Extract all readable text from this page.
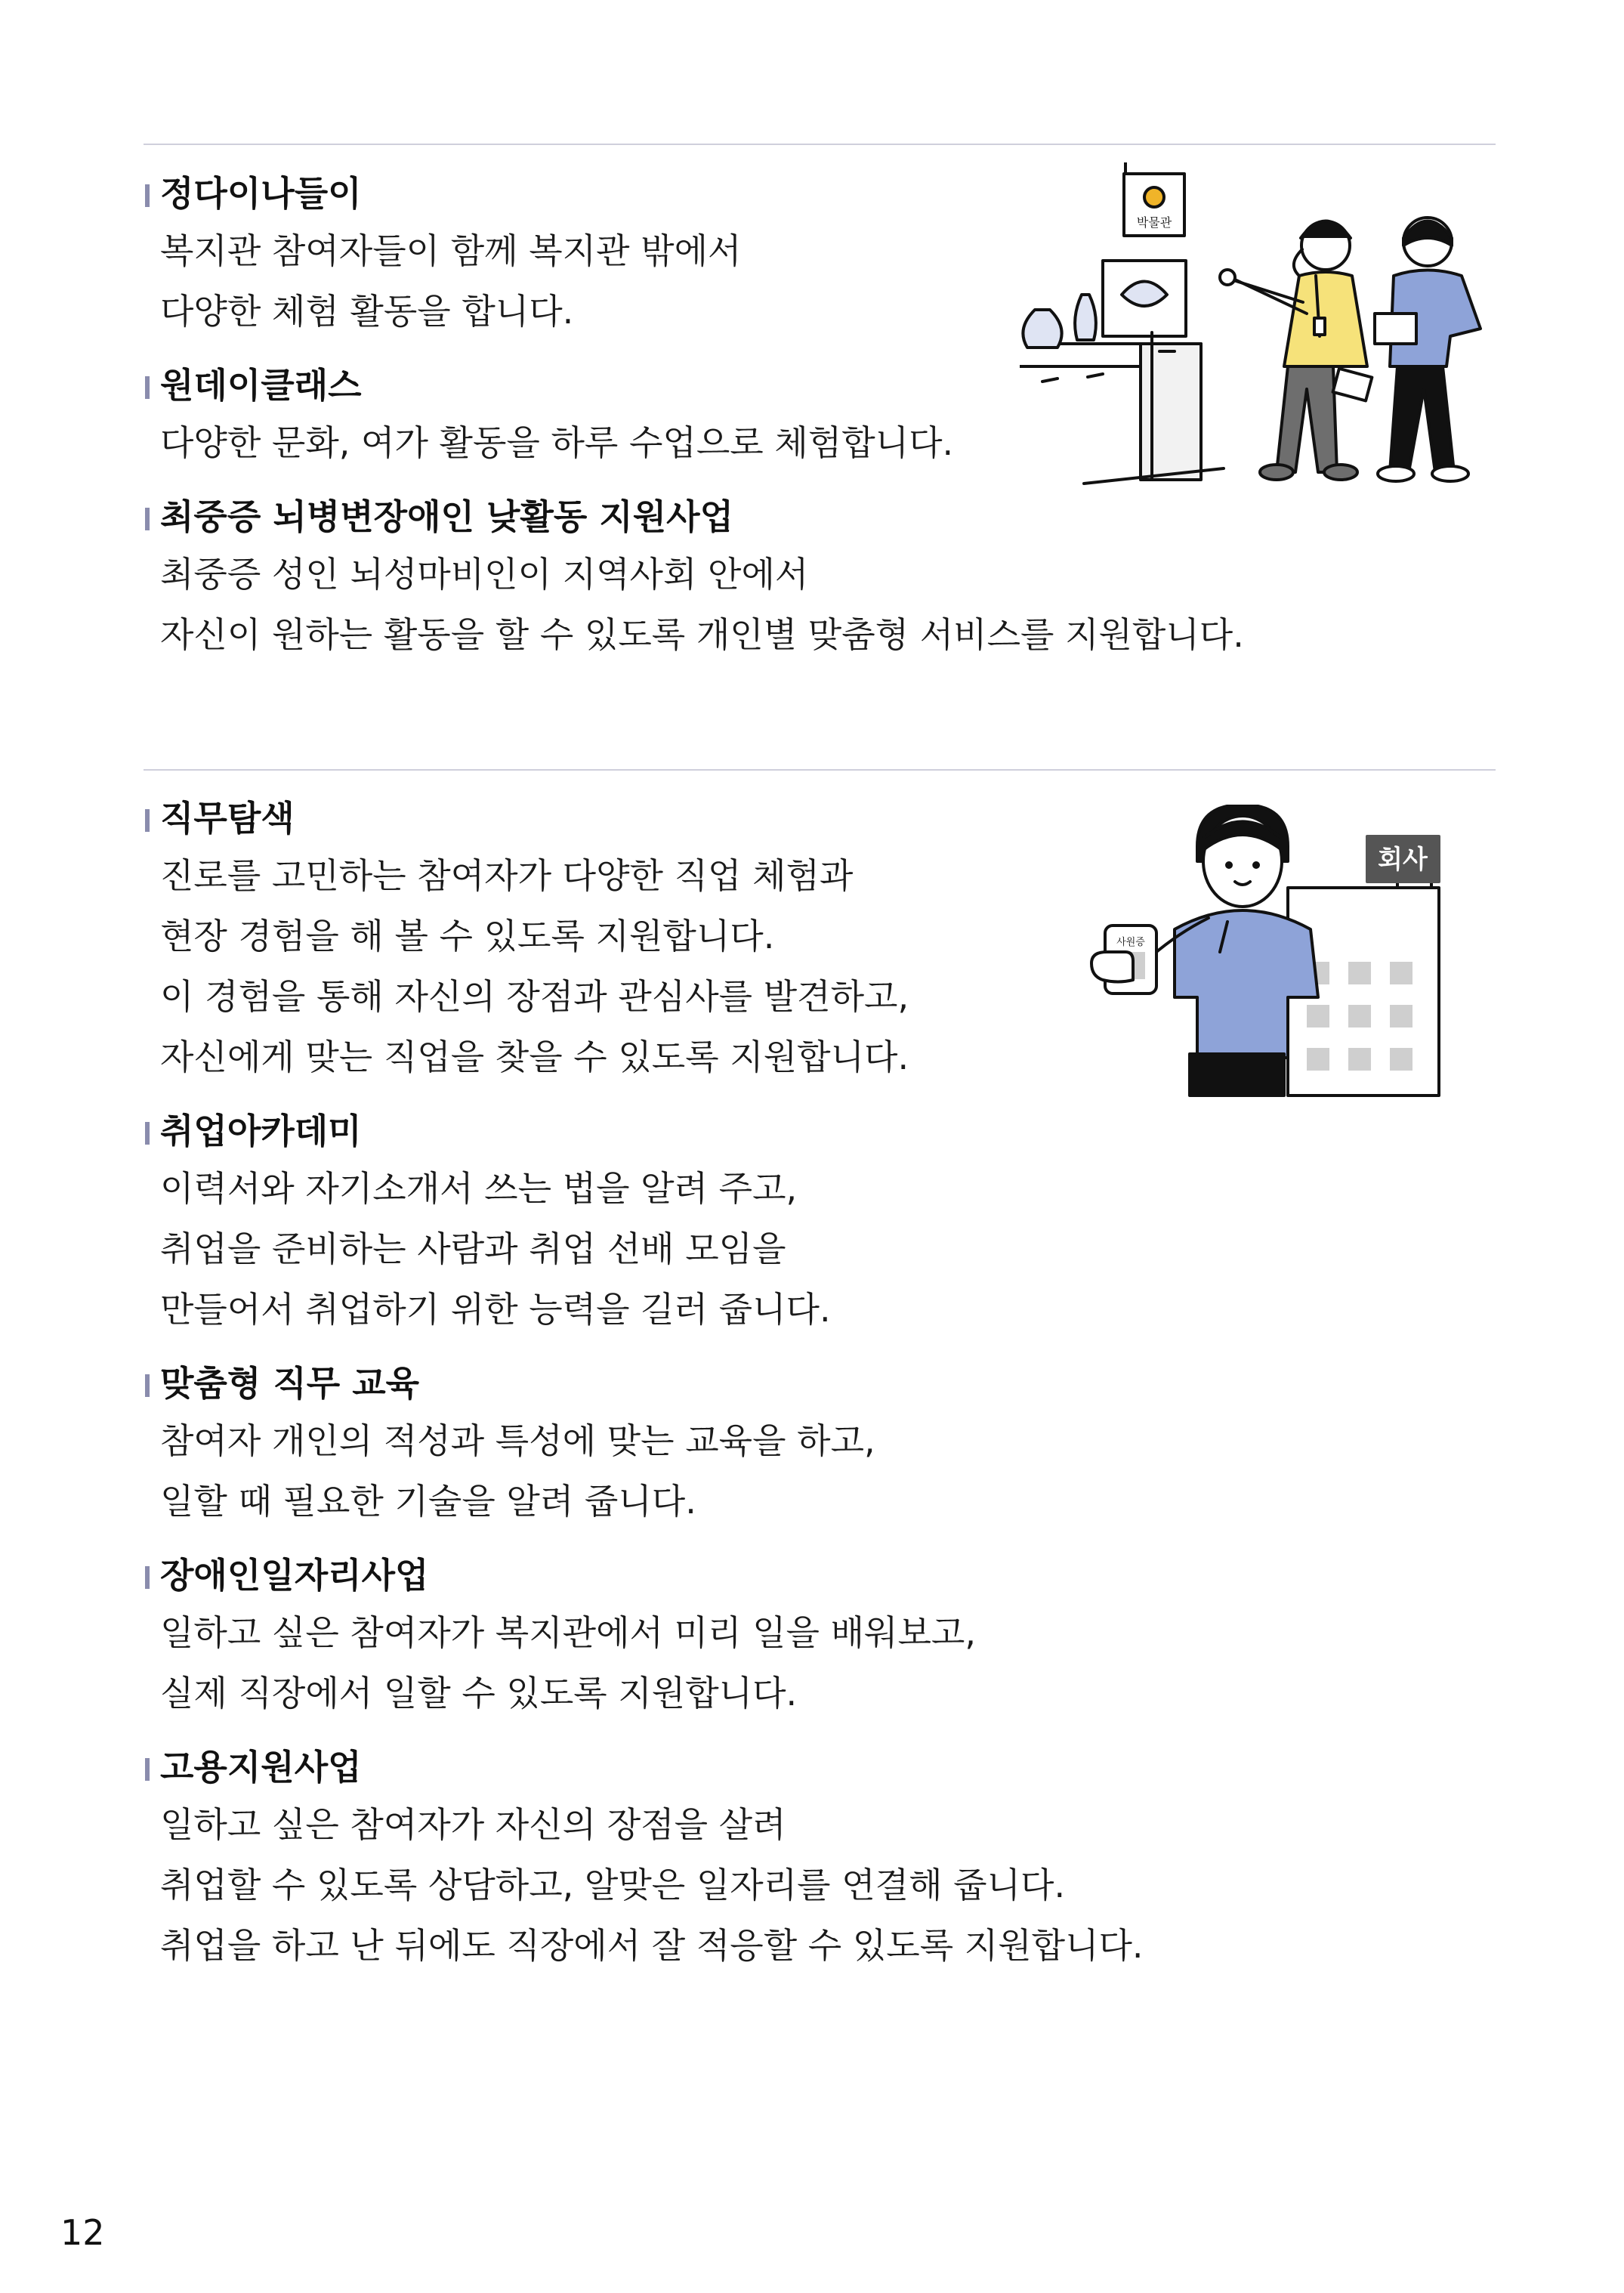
정다이나들이
복지관 참여자들이 함께 복지관 밖에서
다양한 체험 활동을 합니다.
원데이클래스
다양한 문화, 여가 활동을 하루 수업으로 체험합니다.
최중증 뇌병변장애인 낮활동 지원사업
최중증 성인 뇌성마비인이 지역사회 안에서
자신이 원하는 활동을 할 수 있도록 개인별 맞춤형 서비스를 지원합니다.
박물관
직무탐색
진로를 고민하는 참여자가 다양한 직업 체험과
현장 경험을 해 볼 수 있도록 지원합니다.
이 경험을 통해 자신의 장점과 관심사를 발견하고,
자신에게 맞는 직업을 찾을 수 있도록 지원합니다.
취업아카데미
이력서와 자기소개서 쓰는 법을 알려 주고,
취업을 준비하는 사람과 취업 선배 모임을
만들어서 취업하기 위한 능력을 길러 줍니다.
맞춤형 직무 교육
참여자 개인의 적성과 특성에 맞는 교육을 하고,
일할 때 필요한 기술을 알려 줍니다.
장애인일자리사업
일하고 싶은 참여자가 복지관에서 미리 일을 배워보고,
실제 직장에서 일할 수 있도록 지원합니다.
고용지원사업
일하고 싶은 참여자가 자신의 장점을 살려
취업할 수 있도록 상담하고, 알맞은 일자리를 연결해 줍니다.
취업을 하고 난 뒤에도 직장에서 잘 적응할 수 있도록 지원합니다.
회사
사원증
12
